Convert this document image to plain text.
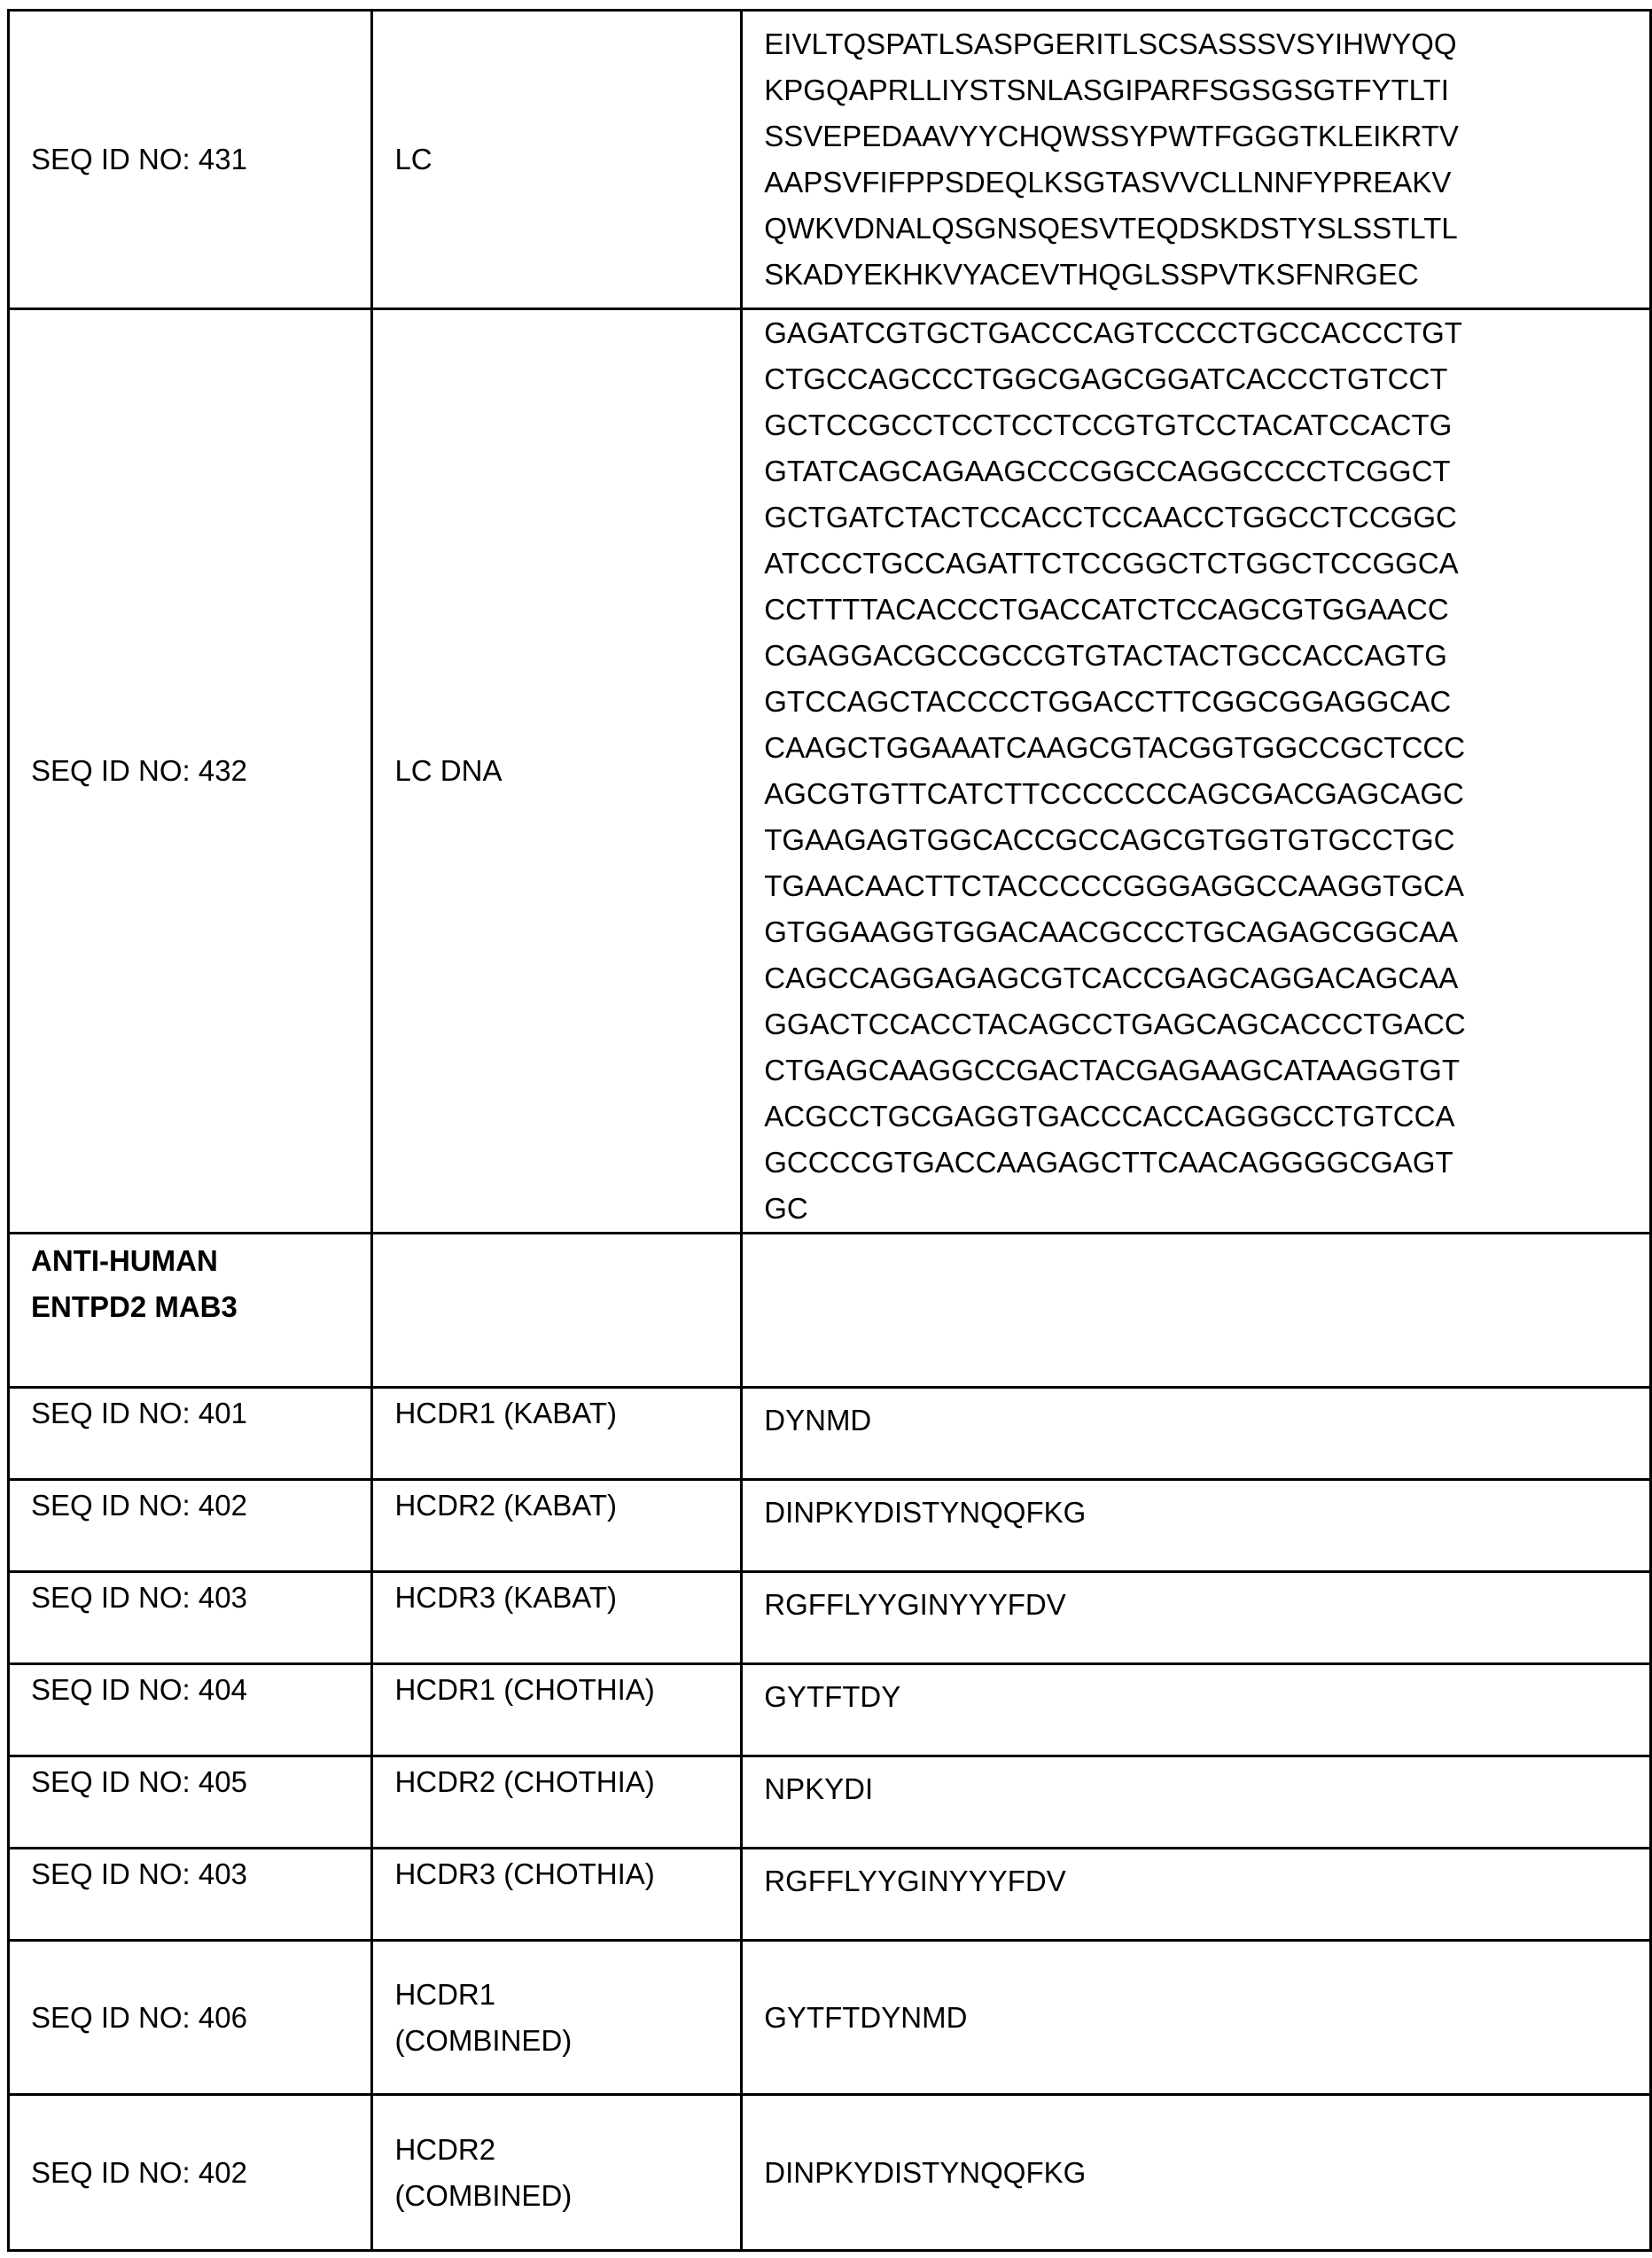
SEQ ID NO: 431	LC	
EIVLTQSPATLSASPGERITLSCSASSSVSYIHWYQQ
KPGQAPRLLIYSTSNLASGIPARFSGSGSGTFYTLTI
SSVEPEDAAVYYCHQWSSYPWTFGGGTKLEIKRTV
AAPSVFIFPPSDEQLKSGTASVVCLLNNFYPREAKV
QWKVDNALQSGNSQESVTEQDSKDSTYSLSSTLTL
SKADYEKHKVYACEVTHQGLSSPVTKSFNRGEC

SEQ ID NO: 432	LC DNA	
GAGATCGTGCTGACCCAGTCCCCTGCCACCCTGT
CTGCCAGCCCTGGCGAGCGGATCACCCTGTCCT
GCTCCGCCTCCTCCTCCGTGTCCTACATCCACTG
GTATCAGCAGAAGCCCGGCCAGGCCCCTCGGCT
GCTGATCTACTCCACCTCCAACCTGGCCTCCGGC
ATCCCTGCCAGATTCTCCGGCTCTGGCTCCGGCA
CCTTTTACACCCTGACCATCTCCAGCGTGGAACC
CGAGGACGCCGCCGTGTACTACTGCCACCAGTG
GTCCAGCTACCCCTGGACCTTCGGCGGAGGCAC
CAAGCTGGAAATCAAGCGTACGGTGGCCGCTCCC
AGCGTGTTCATCTTCCCCCCCAGCGACGAGCAGC
TGAAGAGTGGCACCGCCAGCGTGGTGTGCCTGC
TGAACAACTTCTACCCCCGGGAGGCCAAGGTGCA
GTGGAAGGTGGACAACGCCCTGCAGAGCGGCAA
CAGCCAGGAGAGCGTCACCGAGCAGGACAGCAA
GGACTCCACCTACAGCCTGAGCAGCACCCTGACC
CTGAGCAAGGCCGACTACGAGAAGCATAAGGTGT
ACGCCTGCGAGGTGACCCACCAGGGCCTGTCCA
GCCCCGTGACCAAGAGCTTCAACAGGGGCGAGT
GC

ANTI-HUMAN
ENTPD2 MAB3

SEQ ID NO: 401	HCDR1 (KABAT)	DYNMD
SEQ ID NO: 402	HCDR2 (KABAT)	DINPKYDISTYNQQFKG
SEQ ID NO: 403	HCDR3 (KABAT)	RGFFLYYGINYYYFDV
SEQ ID NO: 404	HCDR1 (CHOTHIA)	GYTFTDY
SEQ ID NO: 405	HCDR2 (CHOTHIA)	NPKYDI
SEQ ID NO: 403	HCDR3 (CHOTHIA)	RGFFLYYGINYYYFDV
SEQ ID NO: 406	
HCDR1
(COMBINED)
	GYTFTDYNMD
SEQ ID NO: 402	
HCDR2
(COMBINED)
	DINPKYDISTYNQQFKG
